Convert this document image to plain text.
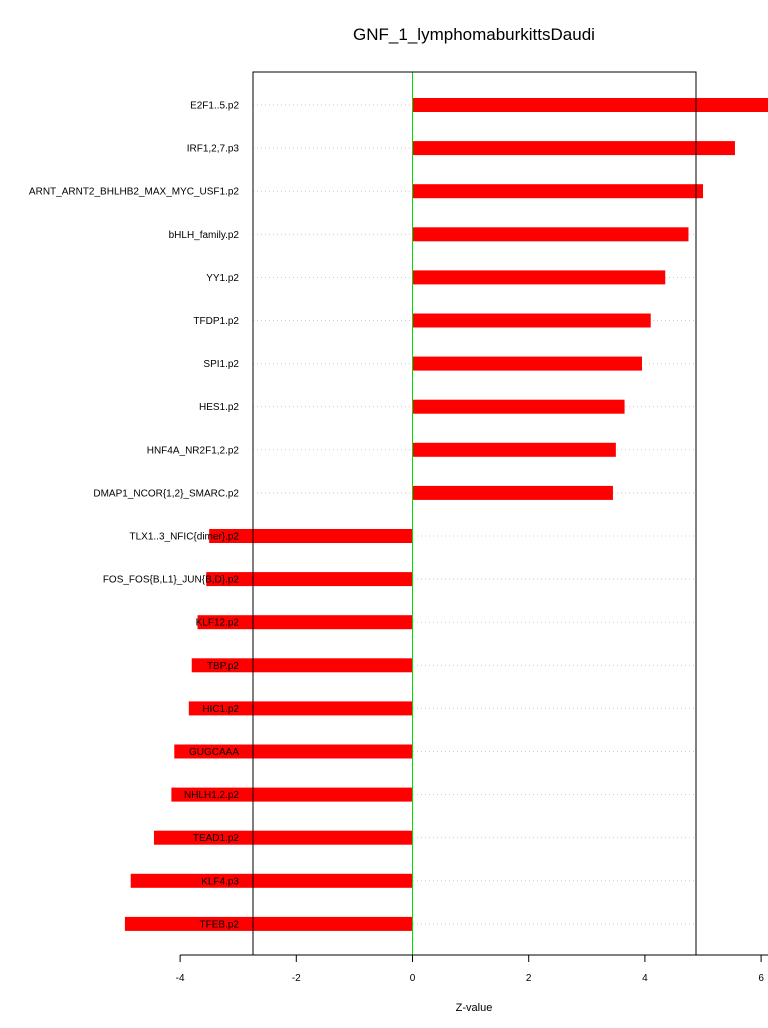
GNF_1_lymphomaburkittsDaudi
E2F1..5.p2
IRF1,2,7.p3
ARNT_ARNT2_BHLHB2_MAX_MYC_USF1.p2
bHLH_family.p2
YY1.p2
TFDP1.p2
SPI1.p2
HES1.p2
HNF4A_NR2F1,2.p2
DMAP1_NCOR{1,2}_SMARC.p2
TLX1..3_NFIC{dimer}.p2
FOS_FOS{B,L1}_JUN{B,D}.p2
KLF12.p2
TBP.p2
HIC1.p2
GUGCAAA
NHLH1,2.p2
TEAD1.p2
KLF4.p3
TFEB.p2
-4	-2	0	2	4	6
Z-value
